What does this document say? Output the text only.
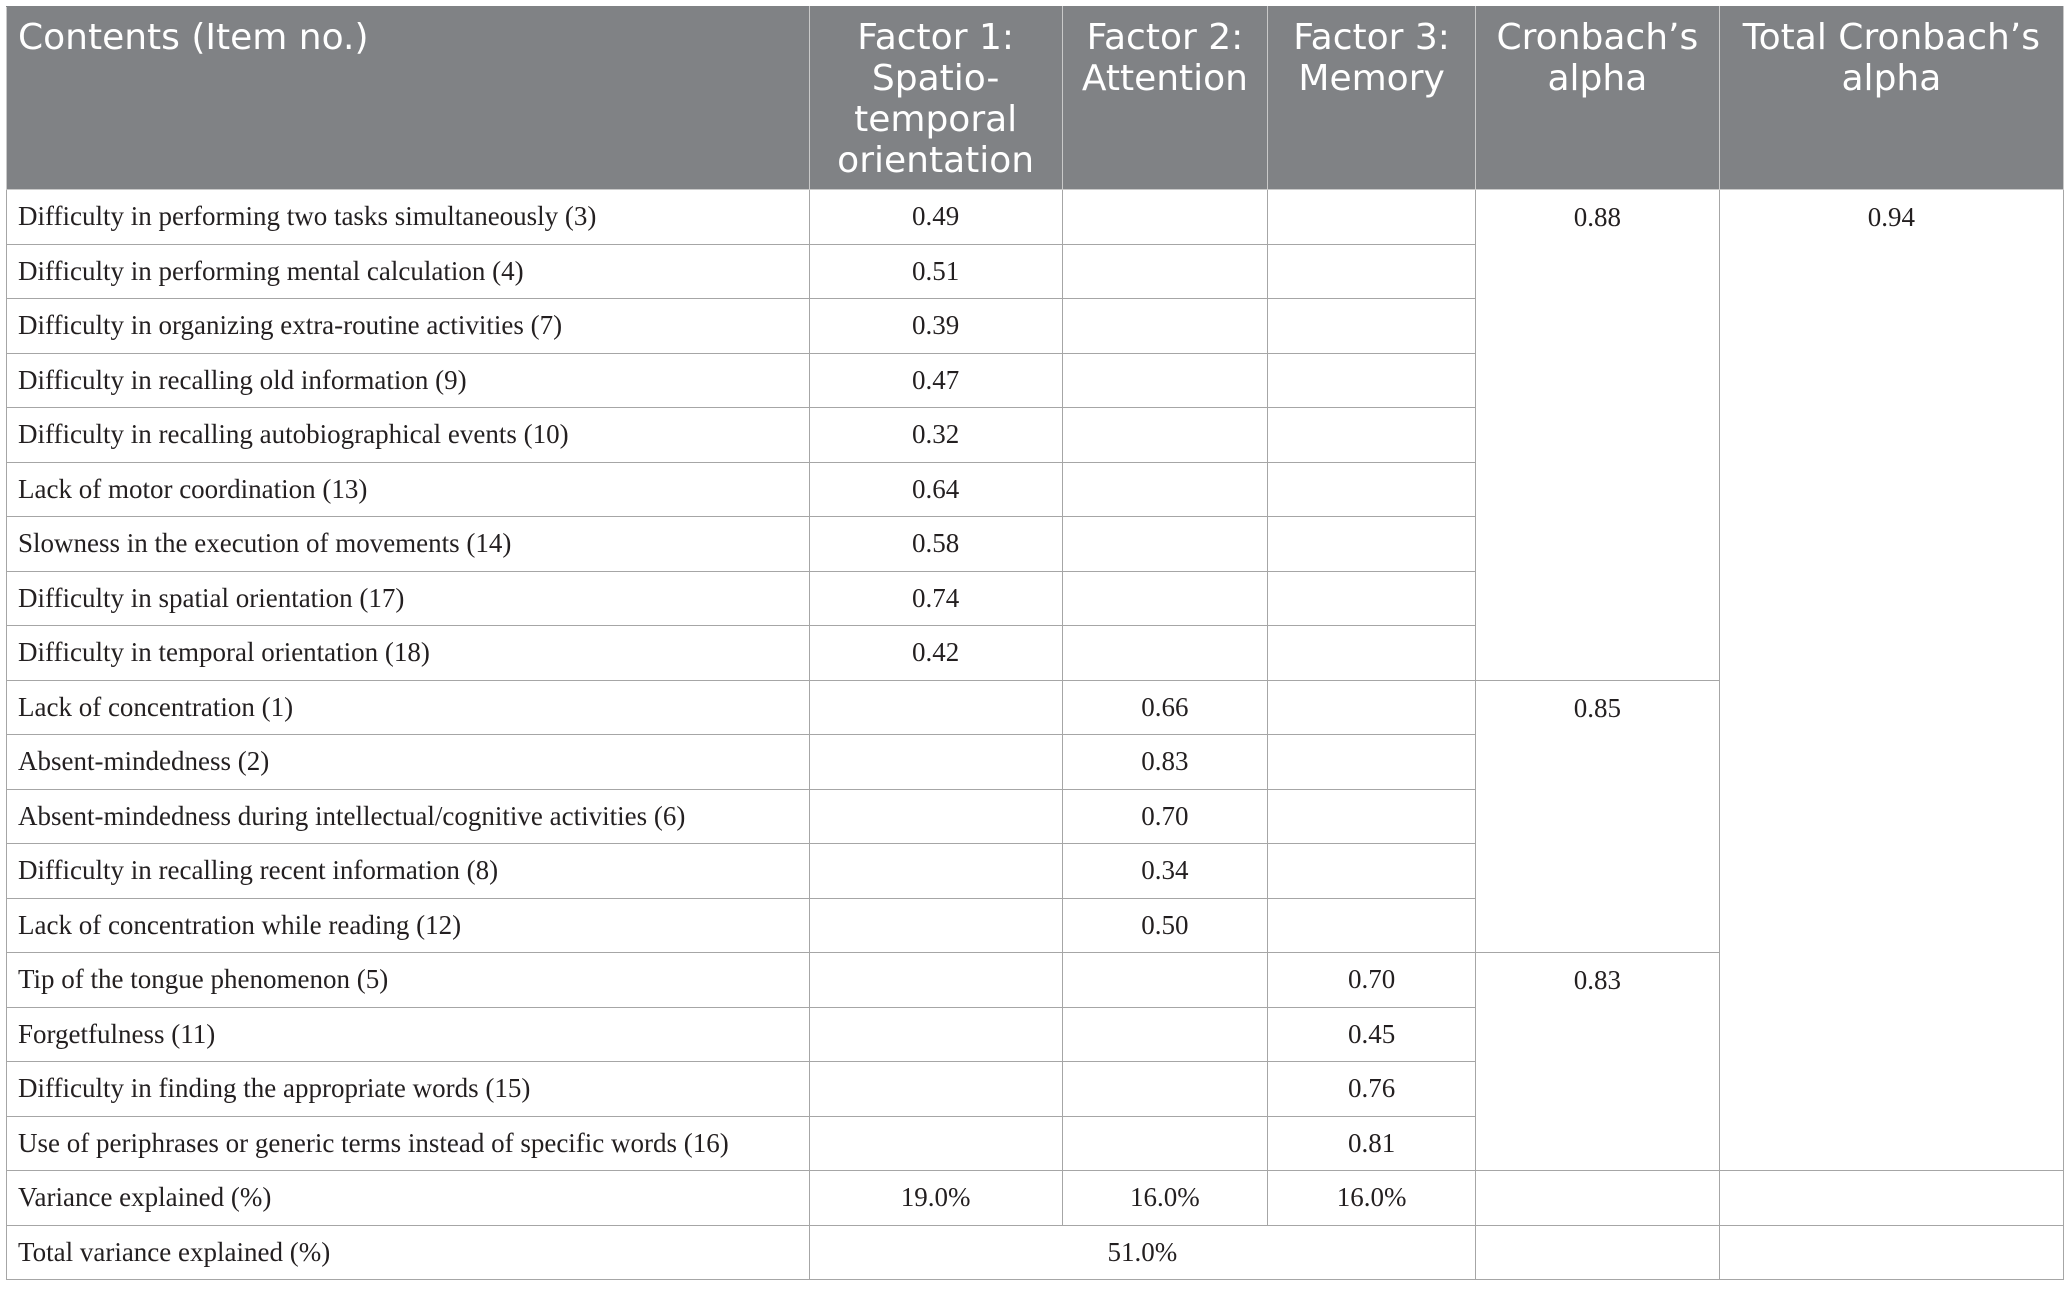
Contents (Item no.)	Factor 1: Spatio-temporal orientation	Factor 2: Attention	Factor 3: Memory	Cronbach’s alpha	Total Cronbach’s alpha
Difficulty in performing two tasks simultaneously (3)	0.49			0.88	0.94
Difficulty in performing mental calculation (4)	0.51				
Difficulty in organizing extra-routine activities (7)	0.39				
Difficulty in recalling old information (9)	0.47				
Difficulty in recalling autobiographical events (10)	0.32				
Lack of motor coordination (13)	0.64				
Slowness in the execution of movements (14)	0.58				
Difficulty in spatial orientation (17)	0.74				
Difficulty in temporal orientation (18)	0.42				
Lack of concentration (1)		0.66		0.85	
Absent-mindedness (2)		0.83			
Absent-mindedness during intellectual/cognitive activities (6)		0.70			
Difficulty in recalling recent information (8)		0.34			
Lack of concentration while reading (12)		0.50			
Tip of the tongue phenomenon (5)			0.70	0.83	
Forgetfulness (11)			0.45		
Difficulty in finding the appropriate words (15)			0.76		
Use of periphrases or generic terms instead of specific words (16)			0.81		
Variance explained (%)	19.0%	16.0%	16.0%		
Total variance explained (%)	51.0%				
